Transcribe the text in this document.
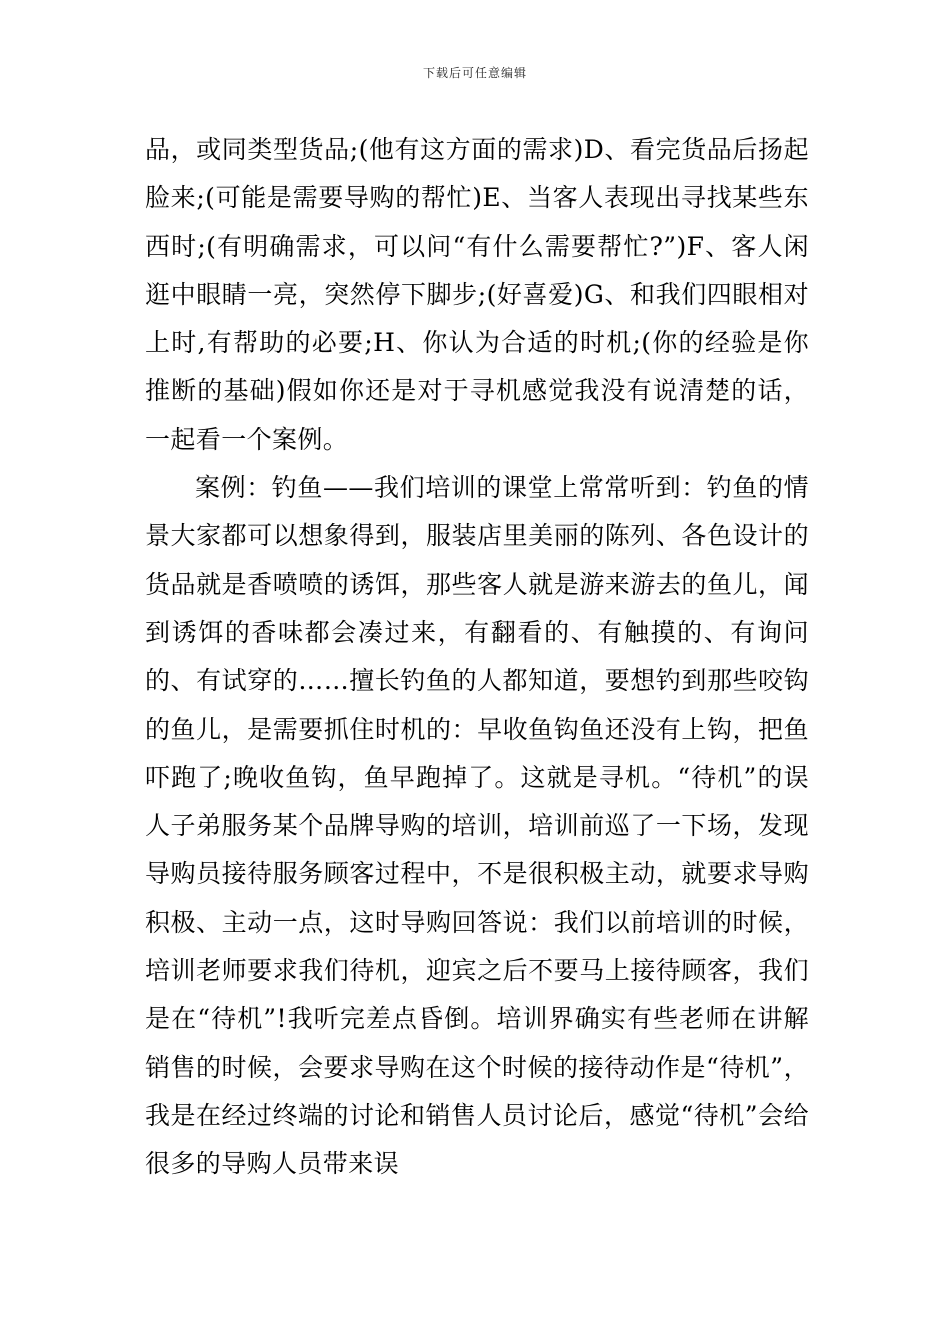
下载后可任意编辑

品，或同类型货品;(他有这方面的需求)D、看完货品后扬起脸来;(可能是需要导购的帮忙)E、当客人表现出寻找某些东西时;(有明确需求，可以问“有什么需要帮忙?”)F、客人闲逛中眼睛一亮，突然停下脚步;(好喜爱)G、和我们四眼相对上时,有帮助的必要;H、你认为合适的时机;(你的经验是你推断的基础)假如你还是对于寻机感觉我没有说清楚的话，一起看一个案例。

案例：钓鱼——我们培训的课堂上常常听到：钓鱼的情景大家都可以想象得到，服装店里美丽的陈列、各色设计的货品就是香喷喷的诱饵，那些客人就是游来游去的鱼儿，闻到诱饵的香味都会凑过来，有翻看的、有触摸的、有询问的、有试穿的……擅长钓鱼的人都知道，要想钓到那些咬钩的鱼儿，是需要抓住时机的：早收鱼钩鱼还没有上钩，把鱼吓跑了;晚收鱼钩，鱼早跑掉了。这就是寻机。“待机”的误人子弟服务某个品牌导购的培训，培训前巡了一下场，发现导购员接待服务顾客过程中，不是很积极主动，就要求导购积极、主动一点，这时导购回答说：我们以前培训的时候，培训老师要求我们待机，迎宾之后不要马上接待顾客，我们是在“待机”!我听完差点昏倒。培训界确实有些老师在讲解销售的时候，会要求导购在这个时候的接待动作是“待机”，我是在经过终端的讨论和销售人员讨论后，感觉“待机”会给很多的导购人员带来误
